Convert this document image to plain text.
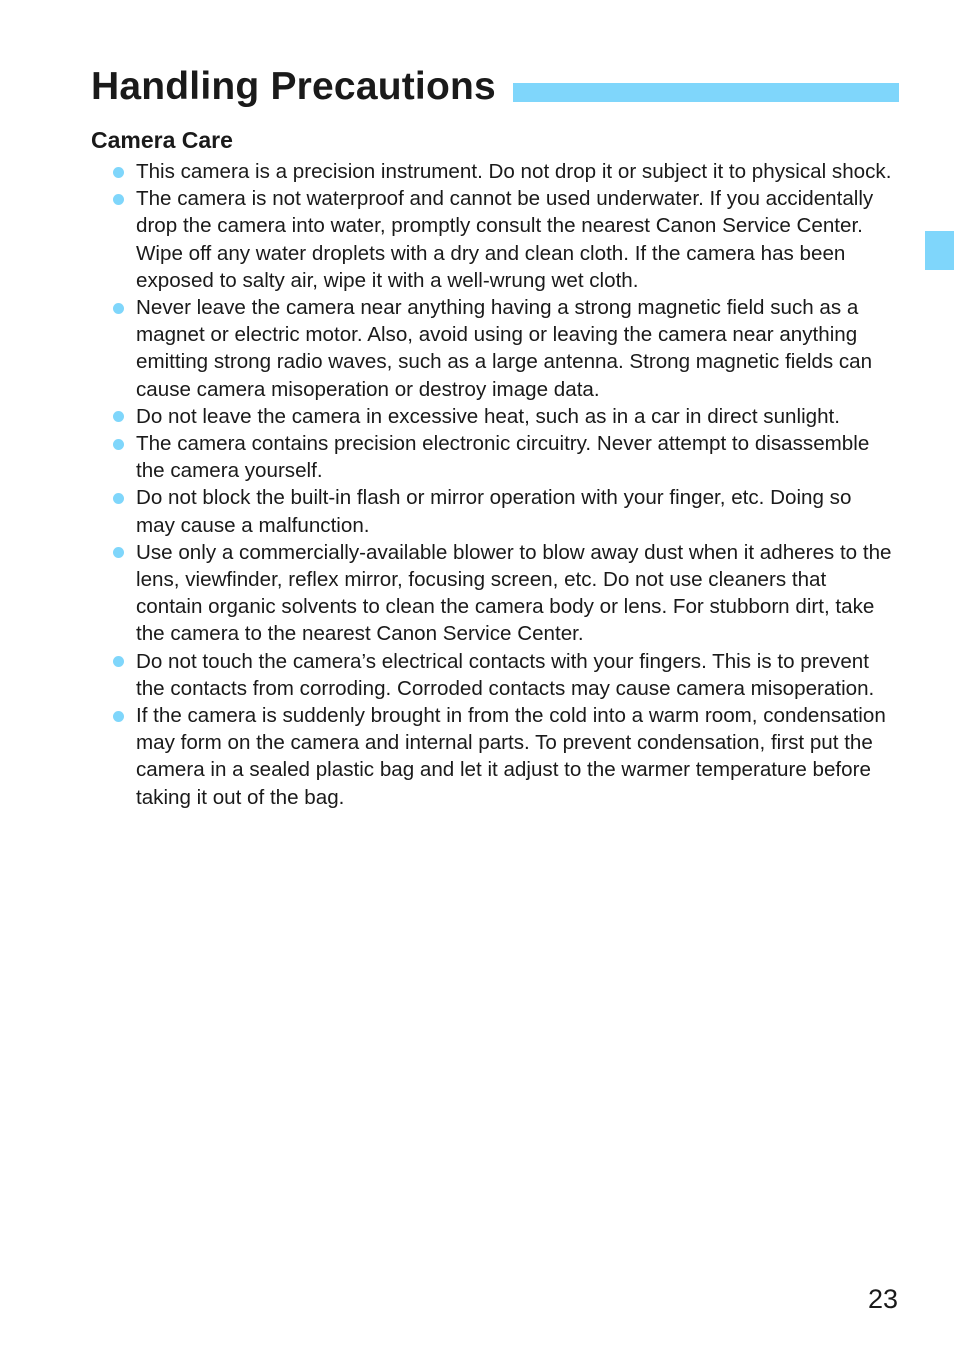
Handling Precautions
Camera Care
This camera is a precision instrument. Do not drop it or subject it to physical shock.
The camera is not waterproof and cannot be used underwater. If you accidentally drop the camera into water, promptly consult the nearest Canon Service Center. Wipe off any water droplets with a dry and clean cloth. If the camera has been exposed to salty air, wipe it with a well-wrung wet cloth.
Never leave the camera near anything having a strong magnetic field such as a magnet or electric motor. Also, avoid using or leaving the camera near anything emitting strong radio waves, such as a large antenna. Strong magnetic fields can cause camera misoperation or destroy image data.
Do not leave the camera in excessive heat, such as in a car in direct sunlight.
The camera contains precision electronic circuitry. Never attempt to disassemble the camera yourself.
Do not block the built-in flash or mirror operation with your finger, etc. Doing so may cause a malfunction.
Use only a commercially-available blower to blow away dust when it adheres to the lens, viewfinder, reflex mirror, focusing screen, etc. Do not use cleaners that contain organic solvents to clean the camera body or lens. For stubborn dirt, take the camera to the nearest Canon Service Center.
Do not touch the camera’s electrical contacts with your fingers. This is to prevent the contacts from corroding. Corroded contacts may cause camera misoperation.
If the camera is suddenly brought in from the cold into a warm room, condensation may form on the camera and internal parts. To prevent condensation, first put the camera in a sealed plastic bag and let it adjust to the warmer temperature before taking it out of the bag.
23
